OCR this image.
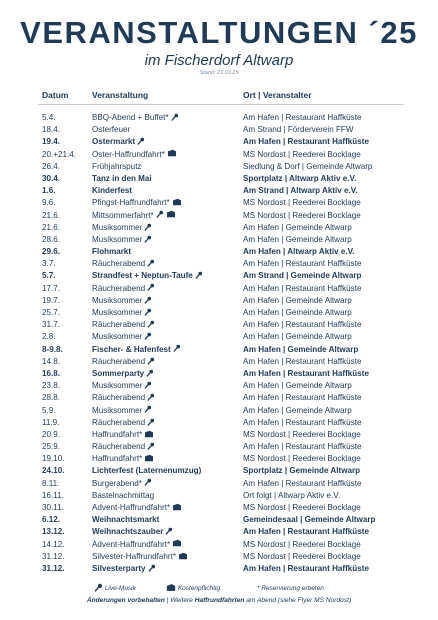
VERANSTALTUNGEN ´25
im Fischerdorf Altwarp
Stand: 21.03.25
Datum	Veranstaltung	Ort | Veranstalter
5.4.	BBQ-Abend + Buffet*	Am Hafen | Restaurant Haffküste
18.4.	Osterfeuer	Am Strand | Förderverein FFW
19.4.	Ostermarkt	Am Hafen | Restaurant Haffküste
20.+21.4. Oster-Haffrundfahrt*	MS Nordost | Reederei Bocklage
26.4.	Frühjahrsputz	Siedlung & Dorf | Gemeinde Altwarp
30.4.	Tanz in den Mai	Sportplatz | Altwarp Aktiv e.V.
1.6.	Kinderfest	Am Strand | Altwarp Aktiv e.V.
9.6.	Pfingst-Haffrundfahrt*	MS Nordost | Reederei Bocklage
21.6.	Mittsommerfahrt*	MS Nordost | Reederei Bocklage
21.6.	Musiksommer	Am Hafen | Gemeinde Altwarp
28.6.	Musiksommer	Am Hafen | Gemeinde Altwarp
29.6.	Flohmarkt	Am Hafen | Altwarp Aktiv e.V.
3.7.	Räucherabend	Am Hafen | Restaurant Haffküste
5.7.	Strandfest + Neptun-Taufe	Am Strand | Gemeinde Altwarp
17.7.	Räucherabend	Am Hafen | Restaurant Haffküste
19.7.	Musiksommer	Am Hafen | Gemeinde Altwarp
25.7.	Musiksommer	Am Hafen | Gemeinde Altwarp
31.7.	Räucherabend	Am Hafen | Restaurant Haffküste
2.8.	Musiksommer	Am Hafen | Gemeinde Altwarp
8-9.8.	Fischer- & Hafenfest	Am Hafen | Gemeinde Altwarp
14.8.	Räucherabend	Am Hafen | Restaurant Haffküste
16.8.	Sommerparty	Am Hafen | Restaurant Haffküste
23.8.	Musiksommer	Am Hafen | Gemeinde Altwarp
28.8.	Räucherabend	Am Hafen | Restaurant Haffküste
5.9.	Musiksommer	Am Hafen | Gemeinde Altwarp
11.9.	Räucherabend	Am Hafen | Restaurant Haffküste
20.9.	Haffrundfahrt*	MS Nordost | Reederei Bocklage
25.9.	Räucherabend	Am Hafen | Restaurant Haffküste
19.10.	Haffrundfahrt*	MS Nordost | Reederei Bocklage
24.10.	Lichterfest (Laternenumzug)	Sportplatz | Gemeinde Altwarp
8.11.	Burgerabend*	Am Hafen | Restaurant Haffküste
16.11.	Bastelnachmittag	Ort folgt | Altwarp Aktiv e.V.
30.11.	Advent-Haffrundfahrt*	MS Nordost | Reederei Bocklage
6.12.	Weihnachtsmarkt	Gemeindesaal | Gemeinde Altwarp
13.12.	Weihnachtszauber	Am Hafen | Restaurant Haffküste
14.12.	Advent-Haffrundfahrt*	MS Nordost | Reederei Bocklage
31.12.	Silvester-Haffrundfahrt*	MS Nordost | Reederei Bocklage
31.12.	Silvesterparty	Am Hafen | Restaurant Haffküste
Live-Musik	Kostenpflichtig	* Reservierung erbeten
Änderungen vorbehalten | Weitere Haffrundfahrten am Abend (siehe Flyer MS Nordost)
